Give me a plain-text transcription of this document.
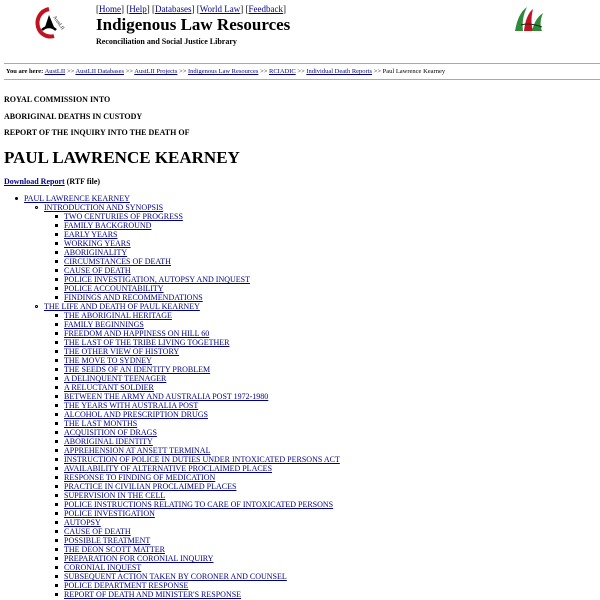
AustLII
[Home] [Help] [Databases] [World Law] [Feedback]
Indigenous Law Resources
Reconciliation and Social Justice Library
You are here: AustLII >> AustLII Databases >> AustLII Projects >> Indigenous Law Resources >> RCIADIC >> Individual Death Reports >> Paul Lawrence Kearney
ROYAL COMMISSION INTO
ABORIGINAL DEATHS IN CUSTODY
REPORT OF THE INQUIRY INTO THE DEATH OF
PAUL LAWRENCE KEARNEY
Download Report (RTF file)
PAUL LAWRENCE KEARNEY
INTRODUCTION AND SYNOPSIS
TWO CENTURIES OF PROGRESS
FAMILY BACKGROUND
EARLY YEARS
WORKING YEARS
ABORIGINALITY
CIRCUMSTANCES OF DEATH
CAUSE OF DEATH
POLICE INVESTIGATION, AUTOPSY AND INQUEST
POLICE ACCOUNTABILITY
FINDINGS AND RECOMMENDATIONS
THE LIFE AND DEATH OF PAUL KEARNEY
THE ABORIGINAL HERITAGE
FAMILY BEGINNINGS
FREEDOM AND HAPPINESS ON HILL 60
THE LAST OF THE TRIBE LIVING TOGETHER
THE OTHER VIEW OF HISTORY
THE MOVE TO SYDNEY
THE SEEDS OF AN IDENTITY PROBLEM
A DELINQUENT TEENAGER
A RELUCTANT SOLDIER
BETWEEN THE ARMY AND AUSTRALIA POST 1972-1980
THE YEARS WITH AUSTRALIA POST
ALCOHOL AND PRESCRIPTION DRUGS
THE LAST MONTHS
ACQUISITION OF DRAGS
ABORIGINAL IDENTITY
APPREHENSION AT ANSETT TERMINAL
INSTRUCTION OF POLICE IN DUTIES UNDER INTOXICATED PERSONS ACT
AVAILABILITY OF ALTERNATIVE PROCLAIMED PLACES
RESPONSE TO FINDING OF MEDICATION
PRACTICE IN CIVILIAN PROCLAIMED PLACES
SUPERVISION IN THE CELL
POLICE INSTRUCTIONS RELATING TO CARE OF INTOXICATED PERSONS
POLICE INVESTIGATION
AUTOPSY
CAUSE OF DEATH
POSSIBLE TREATMENT
THE DEON SCOTT MATTER
PREPARATION FOR CORONIAL INQUIRY
CORONIAL INQUEST
SUBSEQUENT ACTION TAKEN BY CORONER AND COUNSEL
POLICE DEPARTMENT RESPONSE
REPORT OF DEATH AND MINISTER'S RESPONSE
